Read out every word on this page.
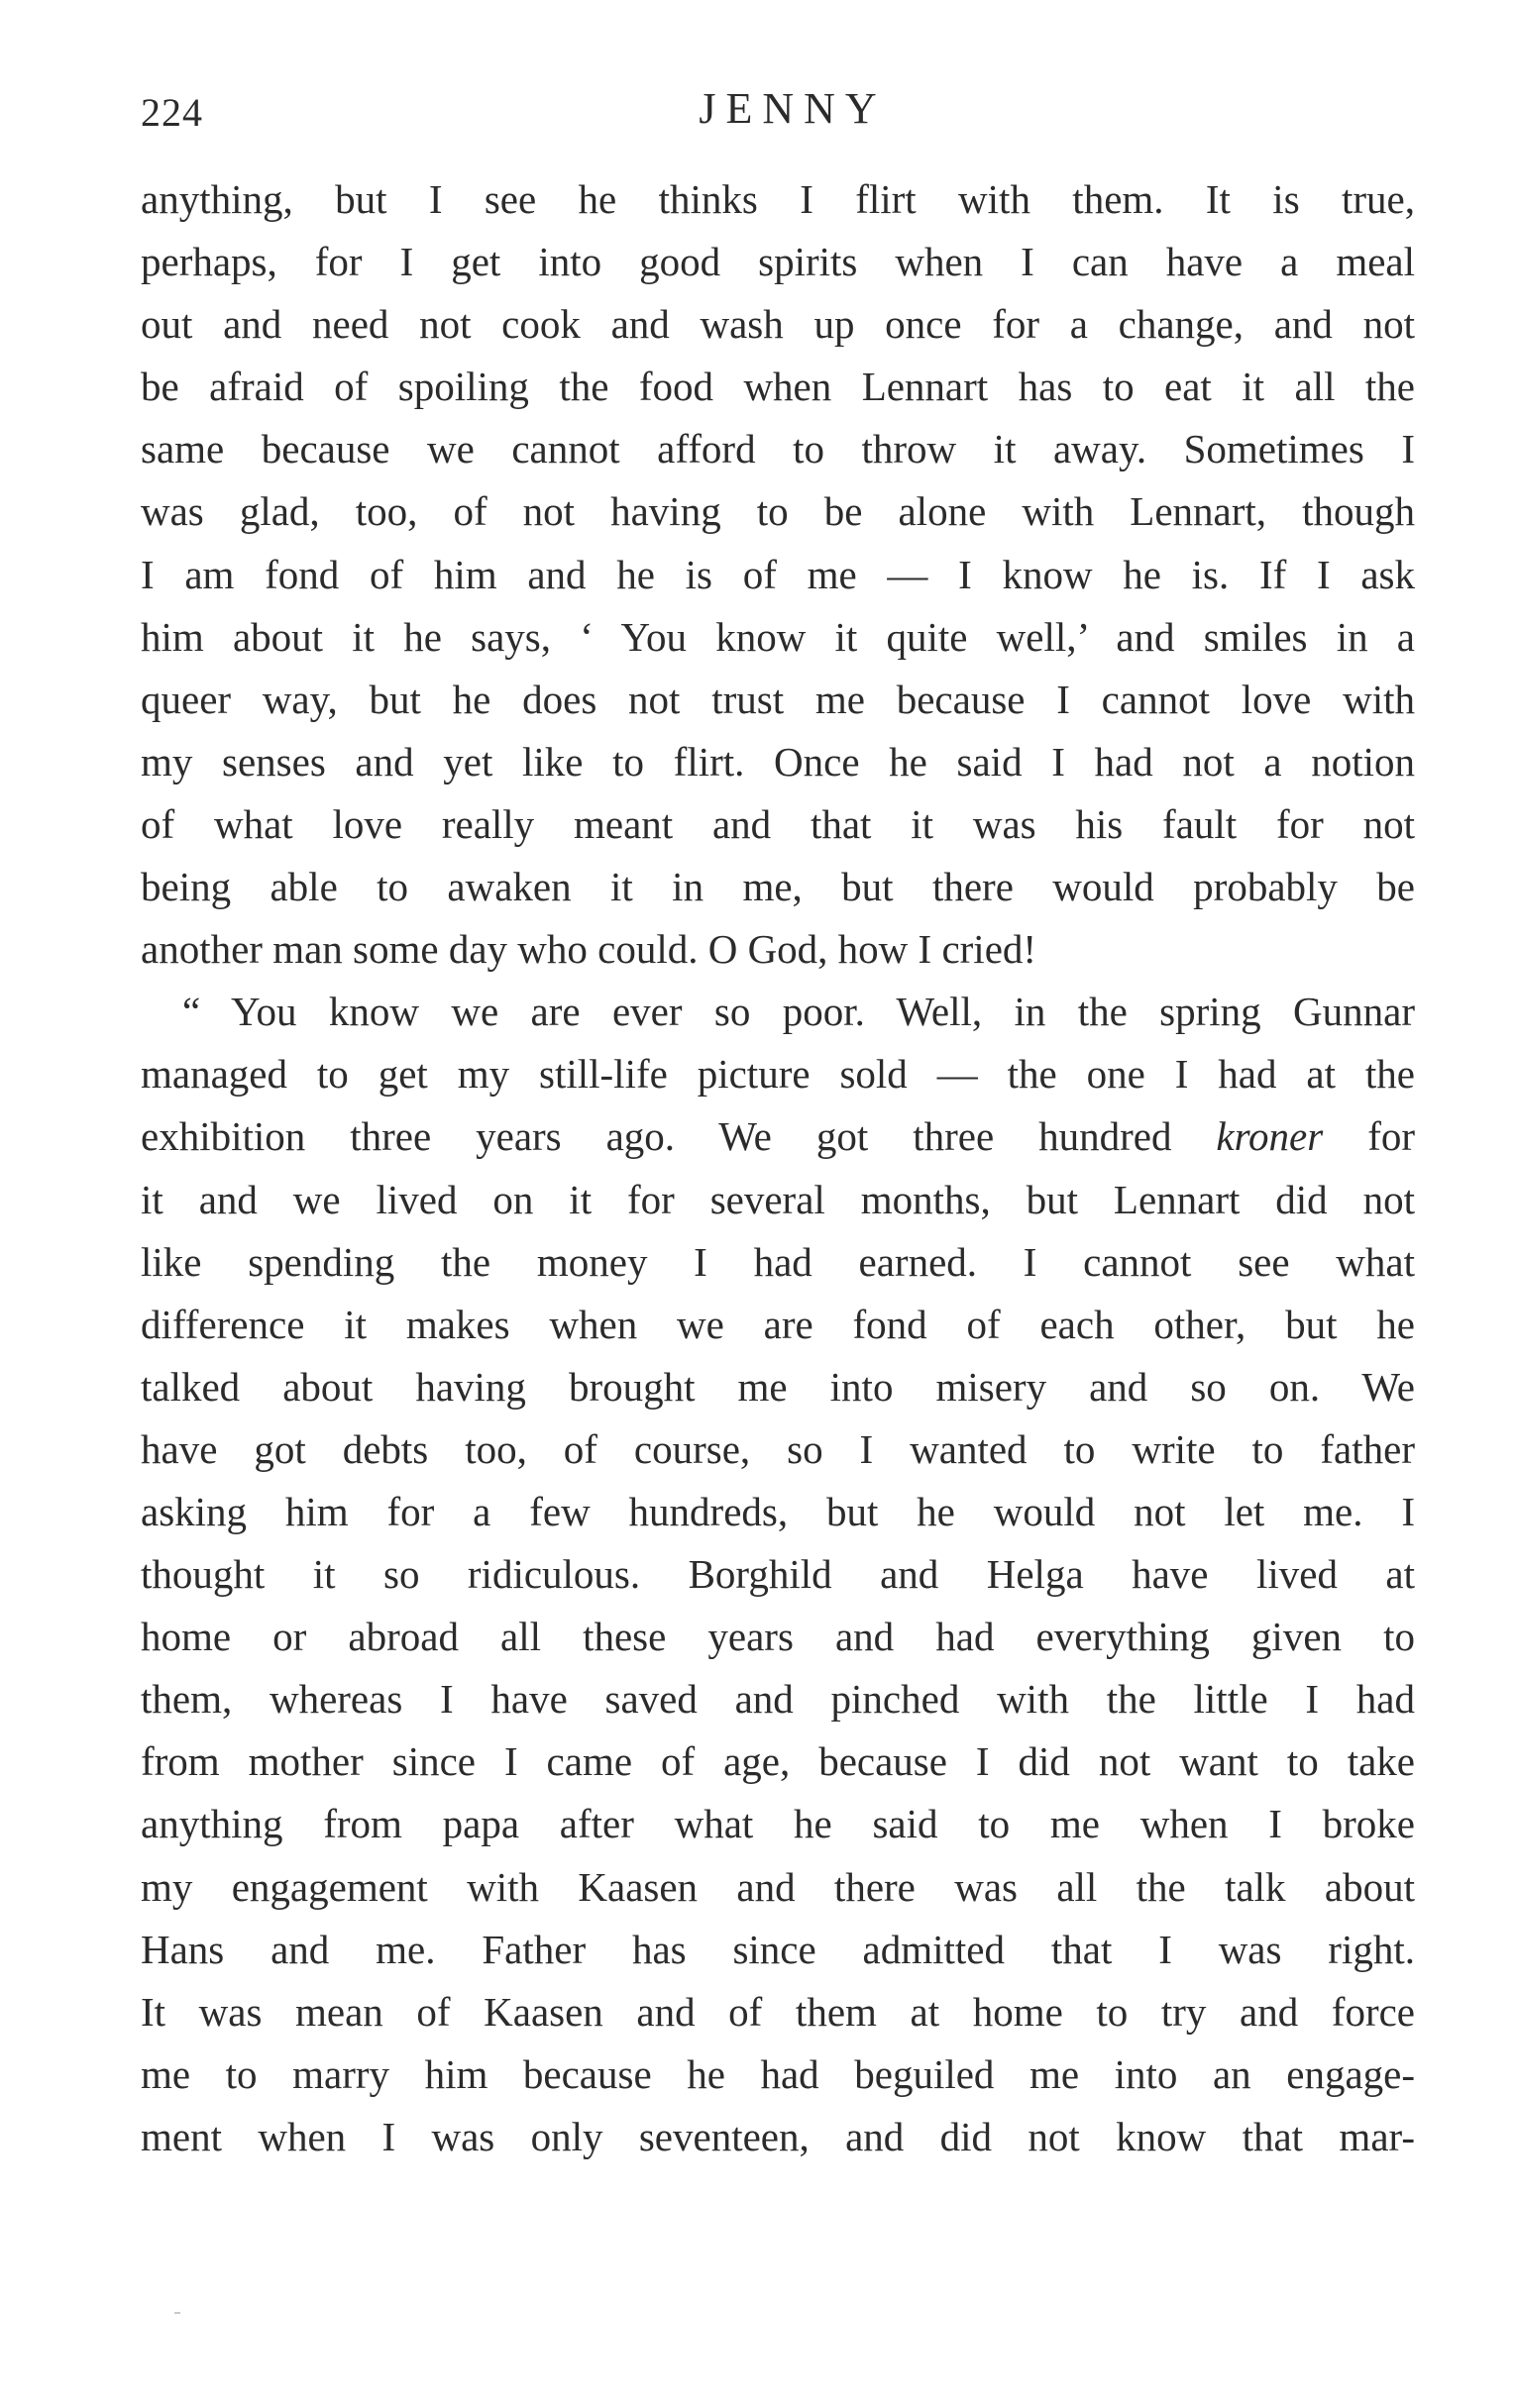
224	JENNY
anything, but I see he thinks I flirt with them. It is true,
perhaps, for I get into good spirits when I can have a meal
out and need not cook and wash up once for a change, and not
be afraid of spoiling the food when Lennart has to eat it all the
same because we cannot afford to throw it away. Sometimes I
was glad, too, of not having to be alone with Lennart, though
I am fond of him and he is of me — I know he is. If I ask
him about it he says, ‘ You know it quite well,’ and smiles in a
queer way, but he does not trust me because I cannot love with
my senses and yet like to flirt. Once he said I had not a notion
of what love really meant and that it was his fault for not
being able to awaken it in me, but there would probably be
another man some day who could. O God, how I cried!
“ You know we are ever so poor. Well, in the spring Gunnar
managed to get my still-life picture sold — the one I had at the
exhibition three years ago. We got three hundred kroner for
it and we lived on it for several months, but Lennart did not
like spending the money I had earned. I cannot see what
difference it makes when we are fond of each other, but he
talked about having brought me into misery and so on. We
have got debts too, of course, so I wanted to write to father
asking him for a few hundreds, but he would not let me. I
thought it so ridiculous. Borghild and Helga have lived at
home or abroad all these years and had everything given to
them, whereas I have saved and pinched with the little I had
from mother since I came of age, because I did not want to take
anything from papa after what he said to me when I broke
my engagement with Kaasen and there was all the talk about
Hans and me. Father has since admitted that I was right.
It was mean of Kaasen and of them at home to try and force
me to marry him because he had beguiled me into an engage-
ment when I was only seventeen, and did not know that mar-
